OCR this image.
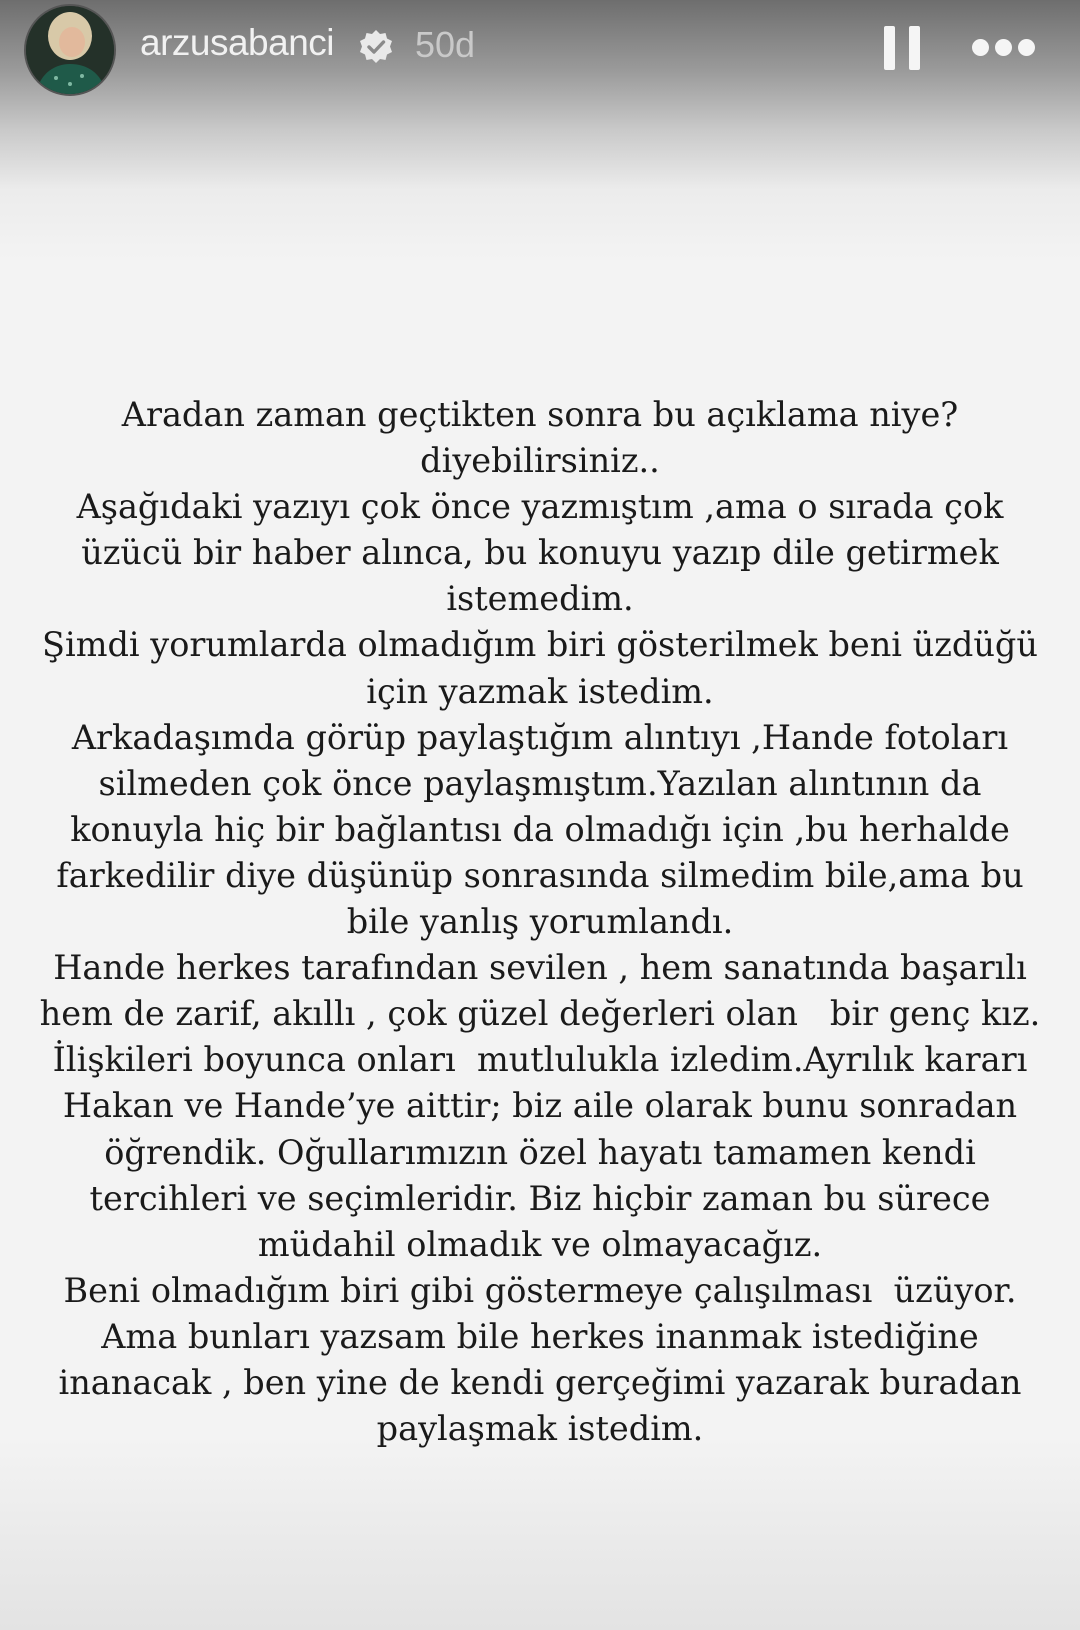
arzusabanci 50d
Aradan zaman geçtikten sonra bu açıklama niye?
diyebilirsiniz..
Aşağıdaki yazıyı çok önce yazmıştım ,ama o sırada çok
üzücü bir haber alınca, bu konuyu yazıp dile getirmek
istemedim.
Şimdi yorumlarda olmadığım biri gösterilmek beni üzdüğü
için yazmak istedim.
Arkadaşımda görüp paylaştığım alıntıyı ,Hande fotoları
silmeden çok önce paylaşmıştım.Yazılan alıntının da
konuyla hiç bir bağlantısı da olmadığı için ,bu herhalde
farkedilir diye düşünüp sonrasında silmedim bile,ama bu
bile yanlış yorumlandı.
Hande herkes tarafından sevilen , hem sanatında başarılı
hem de zarif, akıllı , çok güzel değerleri olan   bir genç kız.
İlişkileri boyunca onları  mutlulukla izledim.Ayrılık kararı
Hakan ve Hande’ye aittir; biz aile olarak bunu sonradan
öğrendik. Oğullarımızın özel hayatı tamamen kendi
tercihleri ve seçimleridir. Biz hiçbir zaman bu sürece
müdahil olmadık ve olmayacağız.
Beni olmadığım biri gibi göstermeye çalışılması  üzüyor.
Ama bunları yazsam bile herkes inanmak istediğine
inanacak , ben yine de kendi gerçeğimi yazarak buradan
paylaşmak istedim.
